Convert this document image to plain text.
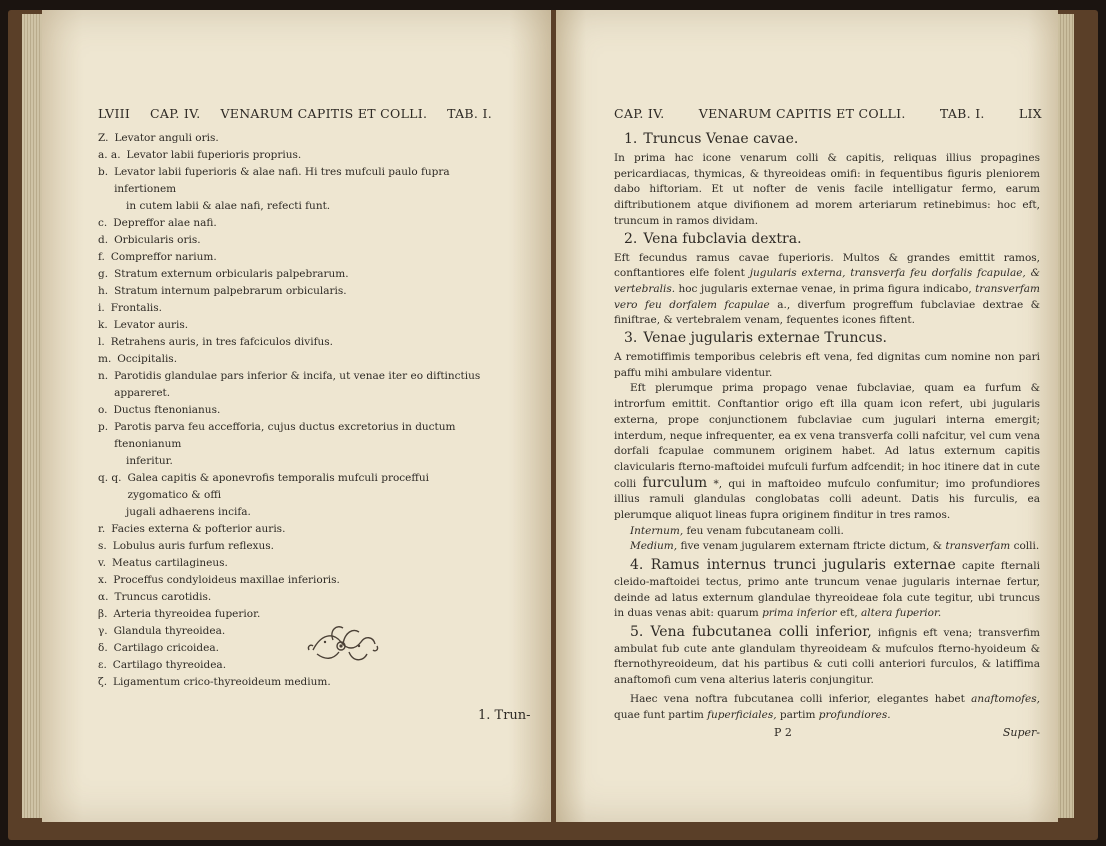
LVIII CAP. IV. VENARUM CAPITIS ET COLLI. TAB. I.
Z. Levator anguli oris.
a. a. Levator labii fuperioris proprius.
b. Levator labii fuperioris & alae nafi. Hi tres mufculi paulo fupra infertionem
in cutem labii & alae nafi, refecti funt.
c. Depreffor alae nafi.
d. Orbicularis oris.
f. Compreffor narium.
g. Stratum externum orbicularis palpebrarum.
h. Stratum internum palpebrarum orbicularis.
i. Frontalis.
k. Levator auris.
l. Retrahens auris, in tres fafciculos divifus.
m. Occipitalis.
n. Parotidis glandulae pars inferior & incifa, ut venae iter eo diftinctius appareret.
o. Ductus ftenonianus.
p. Parotis parva feu accefforia, cujus ductus excretorius in ductum ftenonianum
inferitur.
q. q. Galea capitis & aponevrofis temporalis mufculi proceffui zygomatico & offi
jugali adhaerens incifa.
r. Facies externa & pofterior auris.
s. Lobulus auris furfum reflexus.
v. Meatus cartilagineus.
x. Proceffus condyloideus maxillae inferioris.
α. Truncus carotidis.
β. Arteria thyreoidea fuperior.
γ. Glandula thyreoidea.
δ. Cartilago cricoidea.
ε. Cartilago thyreoidea.
ζ. Ligamentum crico-thyreoideum medium.
1. Trun-
CAP. IV.	VENARUM CAPITIS ET COLLI.	TAB. I.	LIX
1. Truncus Venae cavae.

In prima hac icone venarum colli & capitis, reliquas illius propagines pericardiacas, thymicas, & thyreoideas omifi: in fequentibus figuris pleniorem dabo hiftoriam. Et ut nofter de venis facile intelligatur fermo, earum diftributionem atque divifionem ad morem arteriarum retinebimus: hoc eft, truncum in ramos dividam.

2. Vena fubclavia dextra.

Eft fecundus ramus cavae fuperioris. Multos & grandes emittit ramos, conftantiores elfe folent jugularis externa, transverfa feu dorfalis fcapulae, & vertebralis. hoc jugularis externae venae, in prima figura indicabo, transverfam vero feu dorfalem fcapulae a., diverfum progreffum fubclaviae dextrae & finiftrae, & vertebralem venam, fequentes icones fiftent.

3. Venae jugularis externae Truncus.

A remotiffimis temporibus celebris eft vena, fed dignitas cum nomine non pari paffu mihi ambulare videntur.

Eft plerumque prima propago venae fubclaviae, quam ea furfum & introrfum emittit. Conftantior origo eft illa quam icon refert, ubi jugularis externa, prope conjunctionem fubclaviae cum jugulari interna emergit; interdum, neque infrequenter, ea ex vena transverfa colli nafcitur, vel cum vena dorfali fcapulae communem originem habet. Ad latus externum capitis clavicularis fterno-maftoidei mufculi furfum adfcendit; in hoc itinere dat in cute colli furculum *, qui in maftoideo mufculo confumitur; imo profundiores illius ramuli glandulas conglobatas colli adeunt. Datis his furculis, ea plerumque aliquot lineas fupra originem finditur in tres ramos.

Internum, feu venam fubcutaneam colli.

Medium, five venam jugularem externam ftricte dictum, & transverfam colli.

4. Ramus internus trunci jugularis externae capite fternali cleido-maftoidei tectus, primo ante truncum venae jugularis internae fertur, deinde ad latus externum glandulae thyreoideae fola cute tegitur, ubi truncus in duas venas abit: quarum prima inferior eft, altera fuperior.

5. Vena fubcutanea colli inferior, infignis eft vena; transverfim ambulat fub cute ante glandulam thyreoideam & mufculos fterno-hyoideum & fternothyreoideum, dat his partibus & cuti colli anteriori furculos, & latiffima anaftomofi cum vena alterius lateris conjungitur.

Haec vena noftra fubcutanea colli inferior, elegantes habet anaftomofes, quae funt partim fuperficiales, partim profundiores.

P 2	Super-
